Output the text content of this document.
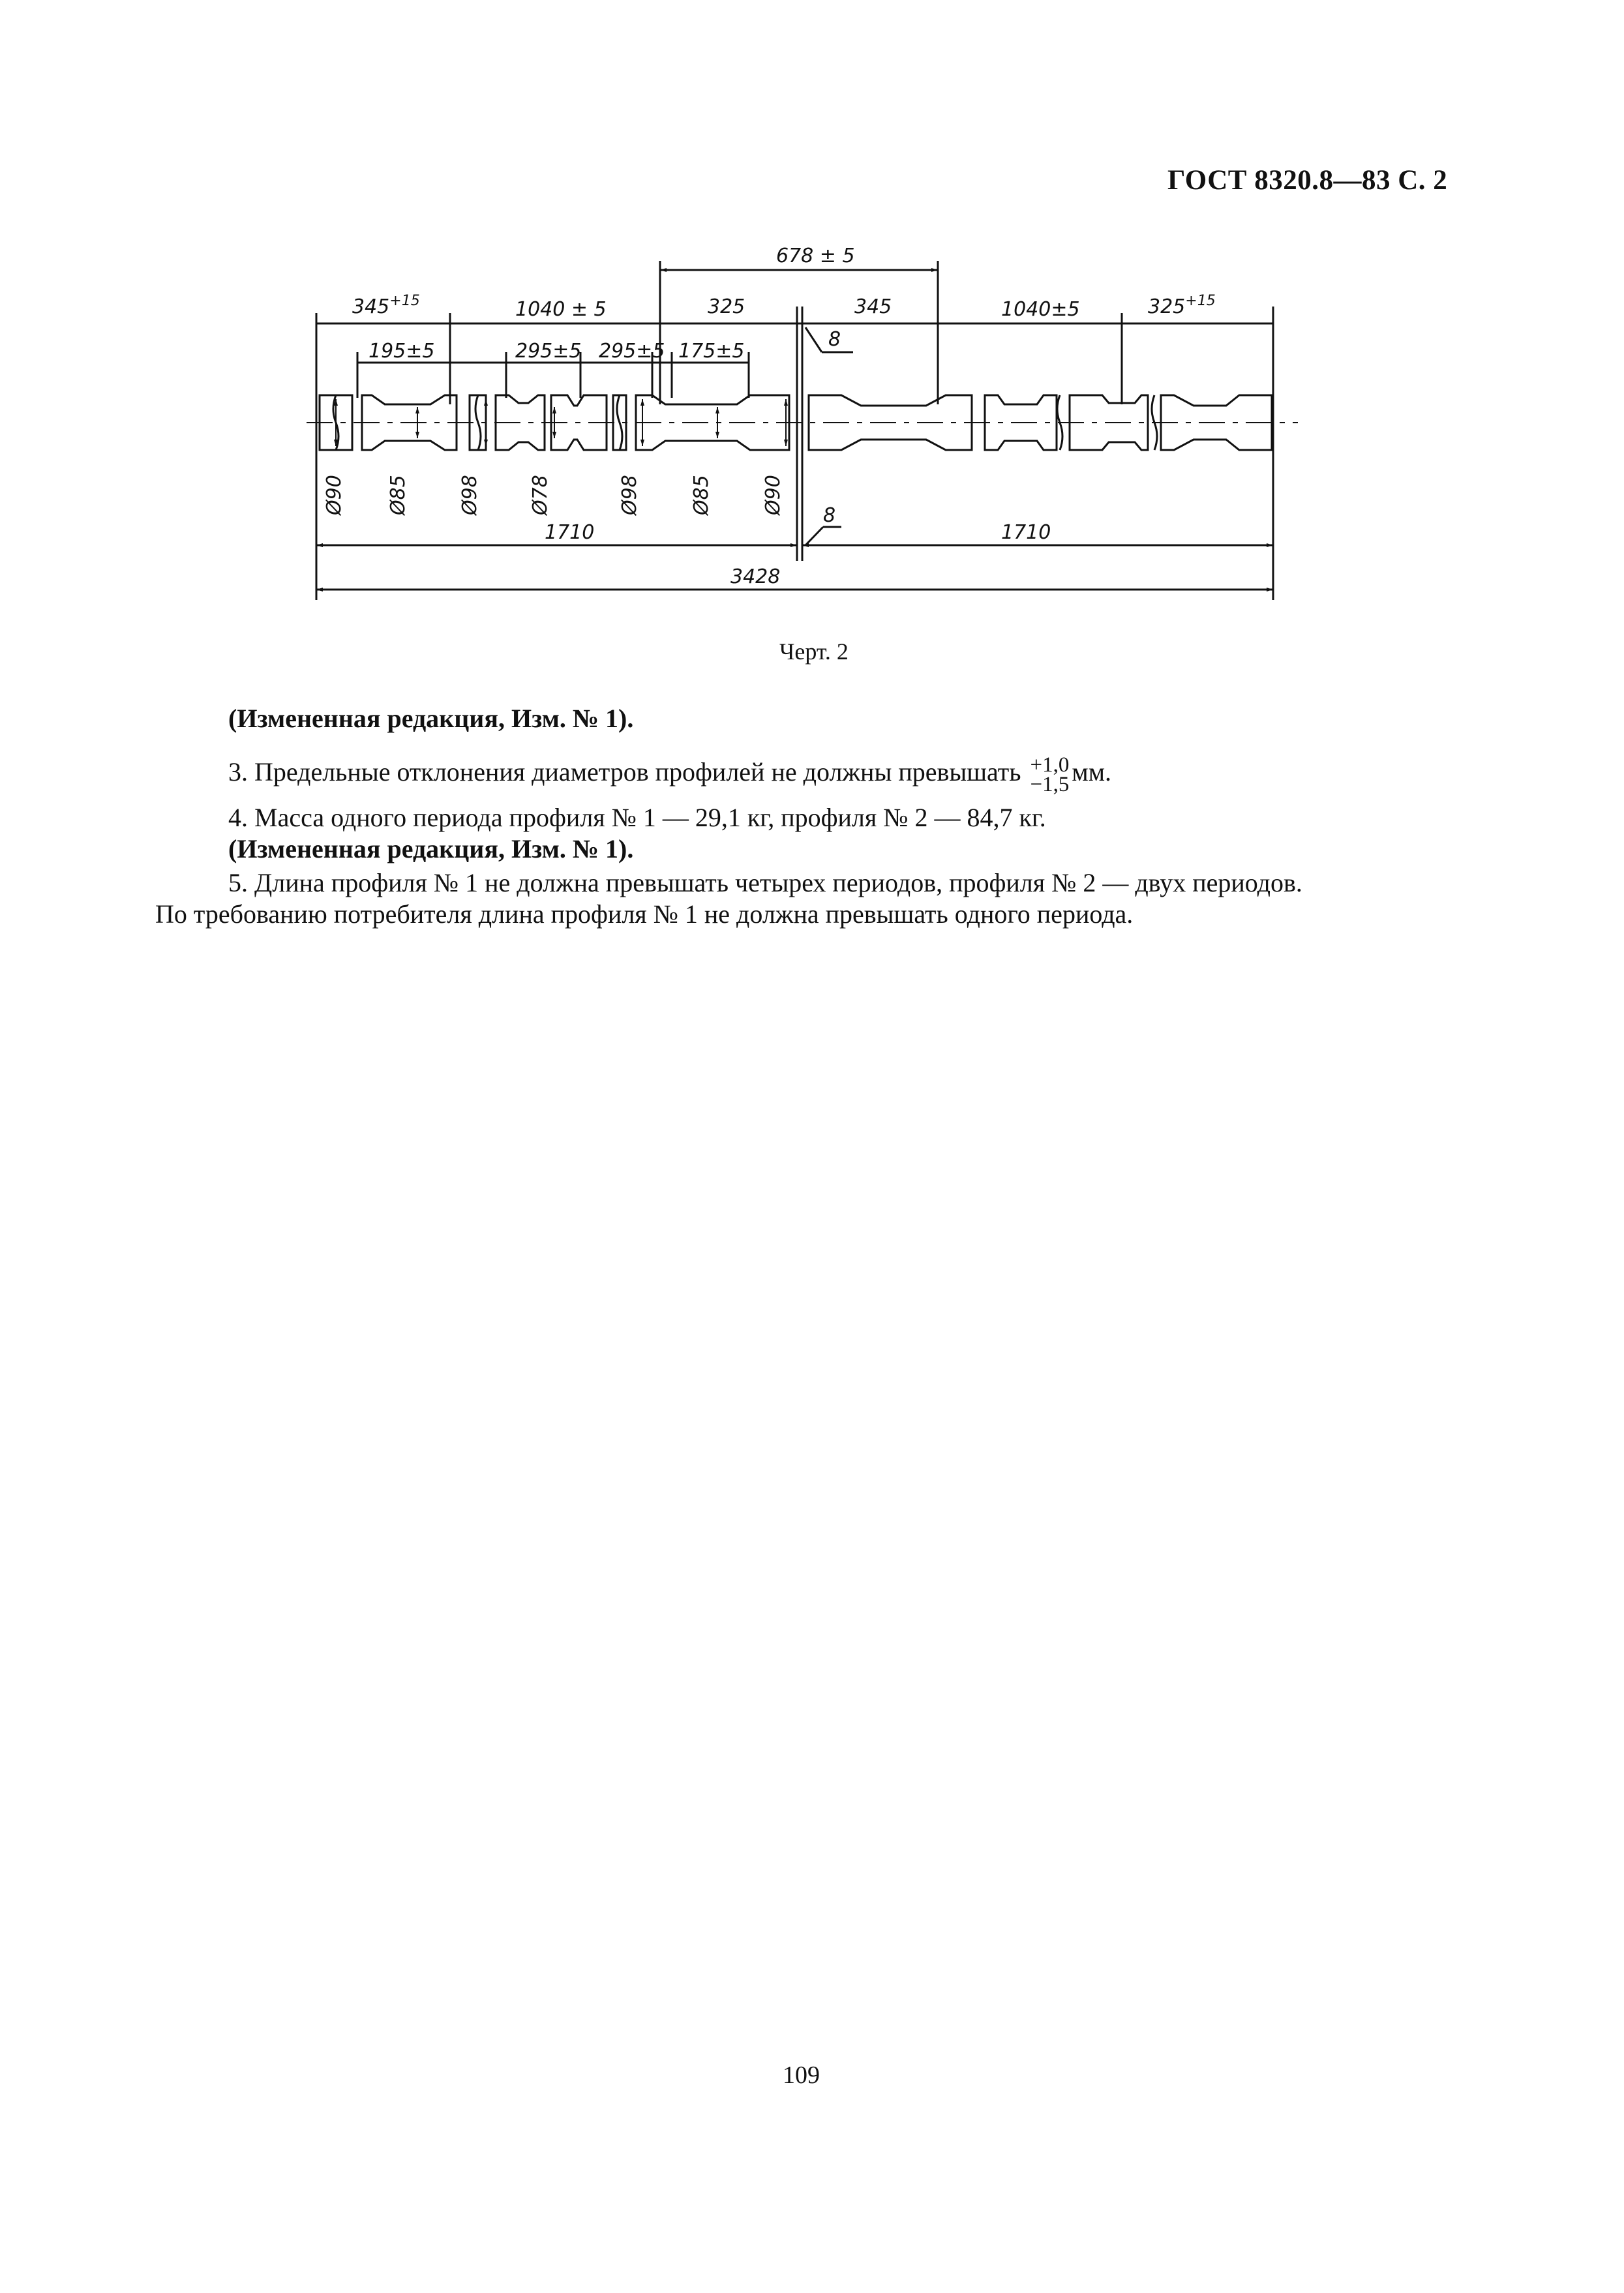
ГОСТ 8320.8—83 С. 2
$345^{+15}$	1040 ± 5
678 ± 5
325	345	1040±5	$325^{+15}$
195±5	295±5 295±5 175±5
8
8
Ø90 Ø85	Ø98 Ø78	Ø98	Ø85	Ø90
1710	1710
3428
Черт. 2
(Измененная редакция, Изм. № 1).
3. Предельные отклонения диаметров профилей не должны превышать +1,0
−1,5 мм.
4. Масса одного периода профиля № 1 — 29,1 кг, профиля № 2 — 84,7 кг.
(Измененная редакция, Изм. № 1).
5. Длина профиля № 1 не должна превышать четырех периодов, профиля № 2 — двух периодов.
По требованию потребителя длина профиля № 1 не должна превышать одного периода.
109
